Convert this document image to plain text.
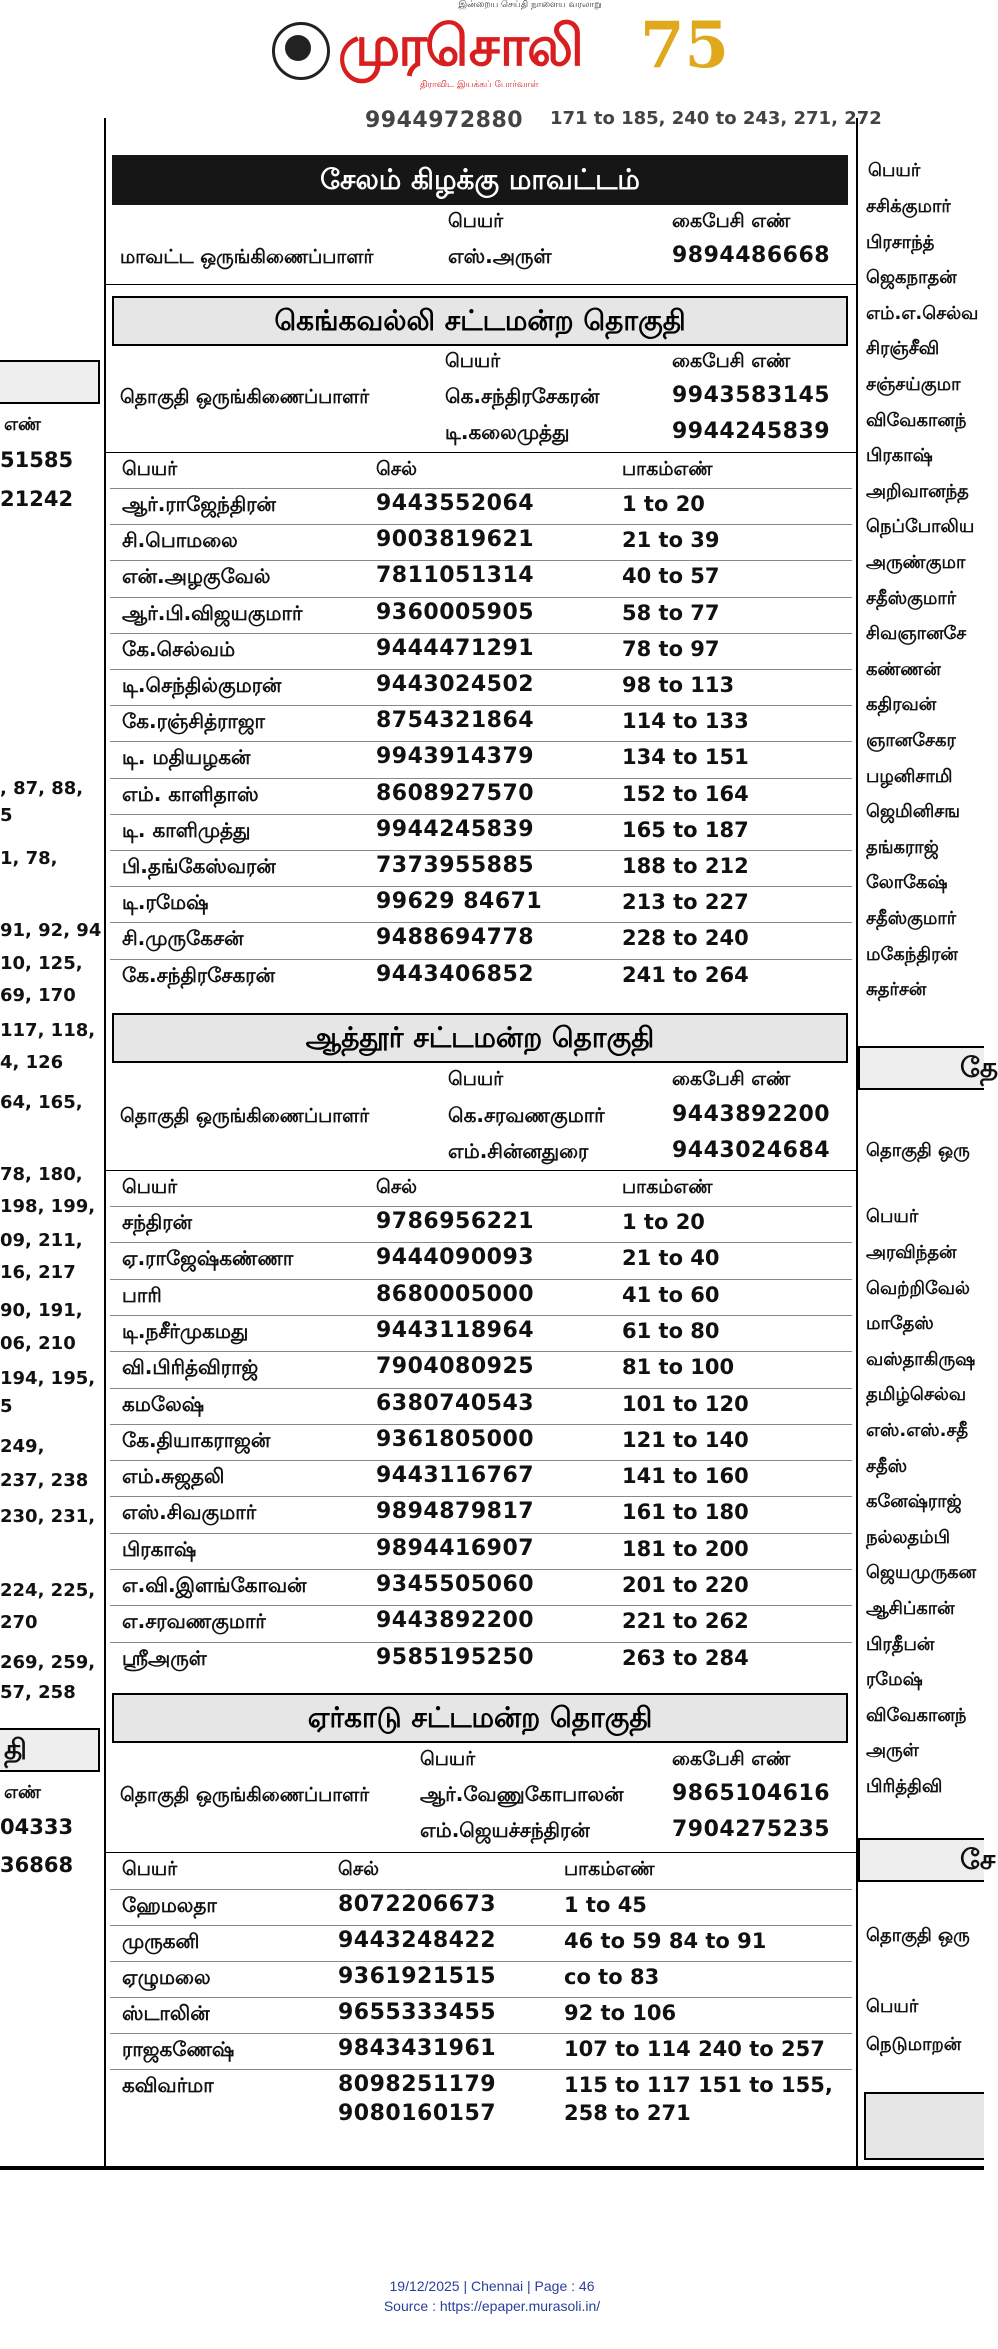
இன்றைய செய்தி நாளைய வரலாறு
முரசொலி
திராவிட இயக்கப் போர்வாள்
75
9944972880 171 to 185, 240 to 243, 271, 272
சேலம் கிழக்கு மாவட்டம்
பெயர்	கைபேசி எண்
மாவட்ட ஒருங்கிணைப்பாளர்	எஸ்.அருள்	9894486668
கெங்கவல்லி சட்டமன்ற தொகுதி
பெயர்	கைபேசி எண்
தொகுதி ஒருங்கிணைப்பாளர்	கெ.சந்திரசேகரன்	9943583145
டி.கலைமுத்து	9944245839
பெயர்	செல்	பாகம்எண்
ஆர்.ராஜேந்திரன்	9443552064	1 to 20
சி.பொமலை	9003819621	21 to 39
என்.அழகுவேல்	7811051314	40 to 57
ஆர்.பி.விஜயகுமார்	9360005905	58 to 77
கே.செல்வம்	9444471291	78 to 97
டி.செந்தில்குமரன்	9443024502	98 to 113
கே.ரஞ்சித்ராஜா	8754321864	114 to 133
டி. மதியழகன்	9943914379	134 to 151
எம். காளிதாஸ்	8608927570	152 to 164
டி. காளிமுத்து	9944245839	165 to 187
பி.தங்கேஸ்வரன்	7373955885	188 to 212
டி.ரமேஷ்	99629 84671	213 to 227
சி.முருகேசன்	9488694778	228 to 240
கே.சந்திரசேகரன்	9443406852	241 to 264
ஆத்தூர் சட்டமன்ற தொகுதி
பெயர்	கைபேசி எண்
தொகுதி ஒருங்கிணைப்பாளர்	கெ.சரவணகுமார்	9443892200
எம்.சின்னதுரை	9443024684
பெயர்	செல்	பாகம்எண்
சந்திரன்	9786956221	1 to 20
ஏ.ராஜேஷ்கண்ணா	9444090093	21 to 40
பாரி	8680005000	41 to 60
டி.நசீர்முகமது	9443118964	61 to 80
வி.பிரித்விராஜ்	7904080925	81 to 100
கமலேஷ்	6380740543	101 to 120
கே.தியாகராஜன்	9361805000	121 to 140
எம்.சுஜதலி	9443116767	141 to 160
எஸ்.சிவகுமார்	9894879817	161 to 180
பிரகாஷ்	9894416907	181 to 200
எ.வி.இளங்கோவன்	9345505060	201 to 220
எ.சரவணகுமார்	9443892200	221 to 262
ஸ்ரீஅருள்	9585195250	263 to 284
ஏர்காடு சட்டமன்ற தொகுதி
பெயர்	கைபேசி எண்
தொகுதி ஒருங்கிணைப்பாளர்	ஆர்.வேணுகோபாலன் 9865104616
எம்.ஜெயச்சந்திரன்	7904275235
பெயர்	செல்	பாகம்எண்
ஹேமலதா	8072206673	1 to 45
முருகனி	9443248422	46 to 59 84 to 91
ஏழுமலை	9361921515	co to 83
ஸ்டாலின்	9655333455	92 to 106
ராஜகணேஷ்	9843431961	107 to 114 240 to 257
கவிவர்மா	8098251179	115 to 117 151 to 155,
9080160157	258 to 271
எண்
51585
21242
, 87, 88,
5
1, 78,
91, 92, 94
10, 125,
69, 170
117, 118,
4, 126
64, 165,
78, 180,
198, 199,
09, 211,
16, 217
90, 191,
06, 210
194, 195,
5
249,
237, 238
230, 231,
224, 225,
270
269, 259,
57, 258
தி
எண்
04333
36868
பெயர்
சசிக்குமார்
பிரசாந்த்
ஜெகநாதன்
எம்.எ.செல்வ
சிரஞ்சீவி
சஞ்சய்குமா
விவேகானந்
பிரகாஷ்
அறிவானந்த
நெப்போலிய
அருண்குமா
சதீஸ்குமார்
சிவஞானசே
கண்ணன்
கதிரவன்
ஞானசேகர
பழனிசாமி
ஜெமினிசங
தங்கராஜ்
லோகேஷ்
சதீஸ்குமார்
மகேந்திரன்
சுதர்சன்
தே
தொகுதி ஒரு
பெயர்
அரவிந்தன்
வெற்றிவேல்
மாதேஸ்
வஸ்தாகிருஷ
தமிழ்செல்வ
எஸ்.எஸ்.சதீ
சதீஸ்
கனேஷ்ராஜ்
நல்லதம்பி
ஜெயமுருகன
ஆசிப்கான்
பிரதீபன்
ரமேஷ்
விவேகானந்
அருள்
பிரித்திவி
சே
தொகுதி ஒரு
பெயர்
நெடுமாறன்
19/12/2025 | Chennai | Page : 46
Source : https://epaper.murasoli.in/
